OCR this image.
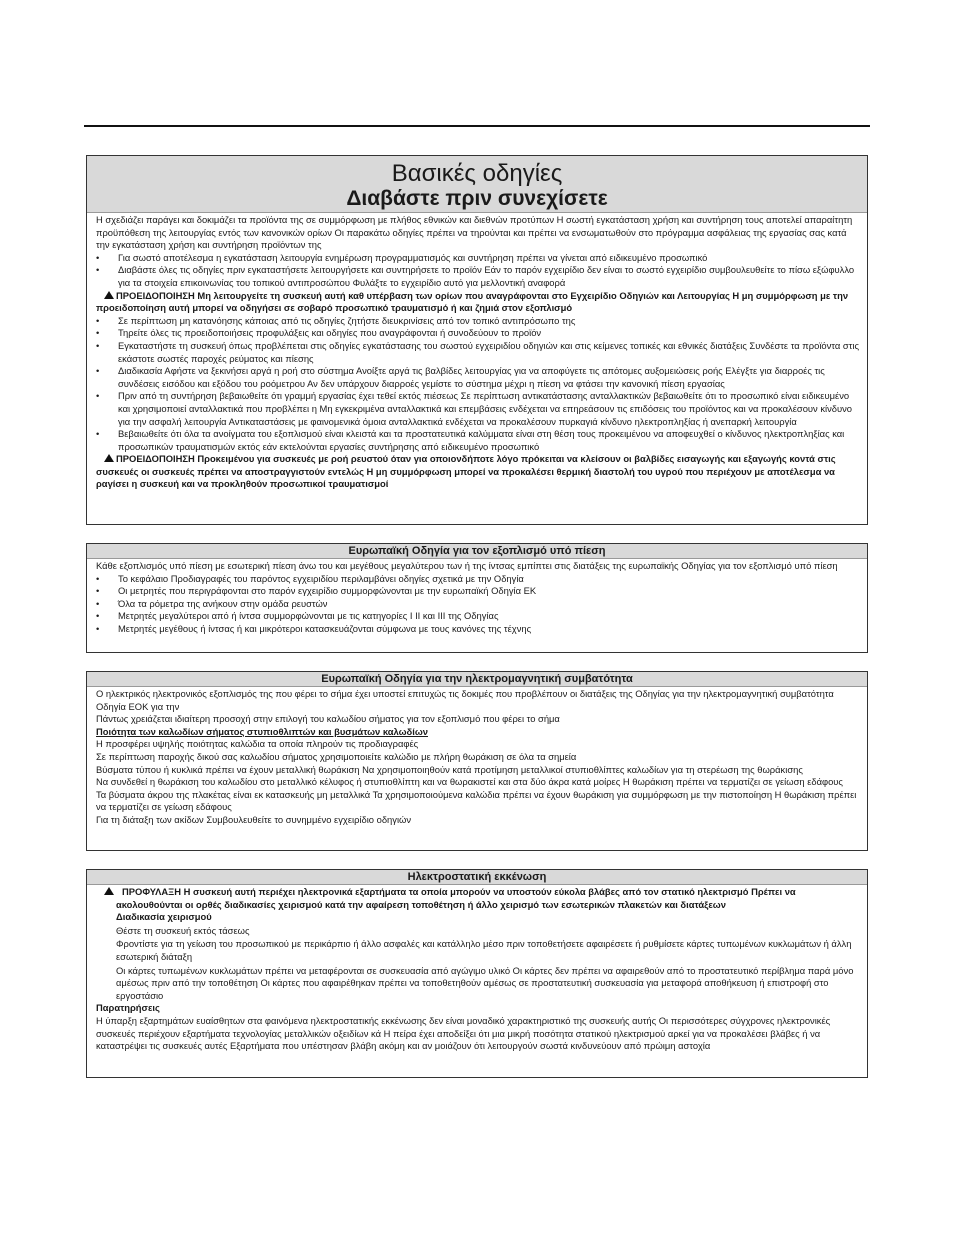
Βασικές οδηγίες
Διαβάστε πριν συνεχίσετε

Η σχεδιάζει παράγει και δοκιμάζει τα προϊόντα της σε συμμόρφωση με πλήθος εθνικών και διεθνών προτύπων Η σωστή εγκατάσταση χρήση και συντήρηση τους αποτελεί απαραίτητη προϋπόθεση της λειτουργίας εντός των κανονικών ορίων Οι παρακάτω οδηγίες πρέπει να τηρούνται και πρέπει να ενσωματωθούν στο πρόγραμμα ασφάλειας της εργασίας σας κατά την εγκατάσταση χρήση και συντήρηση προϊόντων της

• Για σωστό αποτέλεσμα η εγκατάσταση λειτουργία ενημέρωση προγραμματισμός και συντήρηση πρέπει να γίνεται από ειδικευμένο προσωπικό
• Διαβάστε όλες τις οδηγίες πριν εγκαταστήσετε λειτουργήσετε και συντηρήσετε το προϊόν Εάν το παρόν εγχειρίδιο δεν είναι το σωστό εγχειρίδιο συμβουλευθείτε το πίσω εξώφυλλο για τα στοιχεία επικοινωνίας του τοπικού αντιπροσώπου Φυλάξτε το εγχειρίδιο αυτό για μελλοντική αναφορά

ΠΡΟΕΙΔΟΠΟΙΗΣΗ Μη λειτουργείτε τη συσκευή αυτή καθ υπέρβαση των ορίων που αναγράφονται στο Εγχειρίδιο Οδηγιών και Λειτουργίας Η μη συμμόρφωση με την προειδοποίηση αυτή μπορεί να οδηγήσει σε σοβαρό προσωπικό τραυματισμό ή και ζημιά στον εξοπλισμό

• Σε περίπτωση μη κατανόησης κάποιας από τις οδηγίες ζητήστε διευκρινίσεις από τον τοπικό αντιπρόσωπο της
• Τηρείτε όλες τις προειδοποιήσεις προφυλάξεις και οδηγίες που αναγράφονται ή συνοδεύουν το προϊόν
• Εγκαταστήστε τη συσκευή όπως προβλέπεται στις οδηγίες εγκατάστασης του σωστού εγχειριδίου οδηγιών και στις κείμενες τοπικές και εθνικές διατάξεις Συνδέστε τα προϊόντα στις εκάστοτε σωστές παροχές ρεύματος και πίεσης
• Διαδικασία Αφήστε να ξεκινήσει αργά η ροή στο σύστημα Ανοίξτε αργά τις βαλβίδες λειτουργίας για να αποφύγετε τις απότομες αυξομειώσεις ροής Ελέγξτε για διαρροές τις συνδέσεις εισόδου και εξόδου του ροόμετρου Αν δεν υπάρχουν διαρροές γεμίστε το σύστημα μέχρι η πίεση να φτάσει την κανονική πίεση εργασίας
• Πριν από τη συντήρηση βεβαιωθείτε ότι γραμμή εργασίας έχει τεθεί εκτός πιέσεως Σε περίπτωση αντικατάστασης ανταλλακτικών βεβαιωθείτε ότι το προσωπικό είναι ειδικευμένο και χρησιμοποιεί ανταλλακτικά που προβλέπει η Μη εγκεκριμένα ανταλλακτικά και επεμβάσεις ενδέχεται να επηρεάσουν τις επιδόσεις του προϊόντος και να προκαλέσουν κίνδυνο για την ασφαλή λειτουργία Αντικαταστάσεις με φαινομενικά όμοια ανταλλακτικά ενδέχεται να προκαλέσουν πυρκαγιά κίνδυνο ηλεκτροπληξίας ή ανεπαρκή λειτουργία
• Βεβαιωθείτε ότι όλα τα ανοίγματα του εξοπλισμού είναι κλειστά και τα προστατευτικά καλύμματα είναι στη θέση τους προκειμένου να αποφευχθεί ο κίνδυνος ηλεκτροπληξίας και προσωπικών τραυματισμών εκτός εάν εκτελούνται εργασίες συντήρησης από ειδικευμένο προσωπικό

ΠΡΟΕΙΔΟΠΟΙΗΣΗ Προκειμένου για συσκευές με ροή ρευστού όταν για οποιονδήποτε λόγο πρόκειται να κλείσουν οι βαλβίδες εισαγωγής και εξαγωγής κοντά στις συσκευές οι συσκευές πρέπει να αποστραγγιστούν εντελώς Η μη συμμόρφωση μπορεί να προκαλέσει θερμική διαστολή του υγρού που περιέχουν με αποτέλεσμα να ραγίσει η συσκευή και να προκληθούν προσωπικοί τραυματισμοί

Ευρωπαϊκή Οδηγία για τον εξοπλισμό υπό πίεση

Κάθε εξοπλισμός υπό πίεση με εσωτερική πίεση άνω του και μεγέθους μεγαλύτερου των ή της ίντσας εμπίπτει στις διατάξεις της ευρωπαϊκής Οδηγίας για τον εξοπλισμό υπό πίεση

• Το κεφάλαιο Προδιαγραφές του παρόντος εγχειριδίου περιλαμβάνει οδηγίες σχετικά με την Οδηγία
• Οι μετρητές που περιγράφονται στο παρόν εγχειρίδιο συμμορφώνονται με την ευρωπαϊκή Οδηγία ΕΚ
• Όλα τα ρόμετρα της ανήκουν στην ομάδα ρευστών
• Μετρητές μεγαλύτεροι από ή ίντσα συμμορφώνονται με τις κατηγορίες I II και III της Οδηγίας
• Μετρητές μεγέθους ή ίντσας ή και μικρότεροι κατασκευάζονται σύμφωνα με τους κανόνες της τέχνης
Ευρωπαϊκή Οδηγία για την ηλεκτρομαγνητική συμβατότητα

Ο ηλεκτρικός ηλεκτρονικός εξοπλισμός της που φέρει το σήμα έχει υποστεί επιτυχώς τις δοκιμές που προβλέπουν οι διατάξεις της Οδηγίας για την ηλεκτρομαγνητική συμβατότητα Οδηγία ΕΟΚ για την

Πάντως χρειάζεται ιδιαίτερη προσοχή στην επιλογή του καλωδίου σήματος για τον εξοπλισμό που φέρει το σήμα

Ποιότητα των καλωδίων σήματος στυπιοθλιπτών και βυσμάτων καλωδίων

Η προσφέρει υψηλής ποιότητας καλώδια τα οποία πληρούν τις προδιαγραφές

Σε περίπτωση παροχής δικού σας καλωδίου σήματος χρησιμοποιείτε καλώδιο με πλήρη θωράκιση σε όλα τα σημεία

Βύσματα τύπου ή κυκλικά πρέπει να έχουν μεταλλική θωράκιση Να χρησιμοποιηθούν κατά προτίμηση μεταλλικοί στυπιοθλίπτες καλωδίων για τη στερέωση της θωράκισης

Να συνδεθεί η θωράκιση του καλωδίου στο μεταλλικό κέλυφος ή στυπιοθλίπτη και να θωρακιστεί και στα δύο άκρα κατά μοίρες Η θωράκιση πρέπει να τερματίζει σε γείωση εδάφους

Τα βύσματα άκρου της πλακέτας είναι εκ κατασκευής μη μεταλλικά Τα χρησιμοποιούμενα καλώδια πρέπει να έχουν θωράκιση για συμμόρφωση με την πιστοποίηση Η θωράκιση πρέπει να τερματίζει σε γείωση εδάφους

Για τη διάταξη των ακίδων Συμβουλευθείτε το συνημμένο εγχειρίδιο οδηγιών

Ηλεκτροστατική εκκένωση

ΠΡΟΦΥΛΑΞΗ Η συσκευή αυτή περιέχει ηλεκτρονικά εξαρτήματα τα οποία μπορούν να υποστούν εύκολα βλάβες από τον στατικό ηλεκτρισμό Πρέπει να ακολουθούνται οι ορθές διαδικασίες χειρισμού κατά την αφαίρεση τοποθέτηση ή άλλο χειρισμό των εσωτερικών πλακετών και διατάξεων

Διαδικασία χειρισμού

Θέστε τη συσκευή εκτός τάσεως

Φροντίστε για τη γείωση του προσωπικού με περικάρπιο ή άλλο ασφαλές και κατάλληλο μέσο πριν τοποθετήσετε αφαιρέσετε ή ρυθμίσετε κάρτες τυπωμένων κυκλωμάτων ή άλλη εσωτερική διάταξη

Οι κάρτες τυπωμένων κυκλωμάτων πρέπει να μεταφέρονται σε συσκευασία από αγώγιμο υλικό Οι κάρτες δεν πρέπει να αφαιρεθούν από το προστατευτικό περίβλημα παρά μόνο αμέσως πριν από την τοποθέτηση Οι κάρτες που αφαιρέθηκαν πρέπει να τοποθετηθούν αμέσως σε προστατευτική συσκευασία για μεταφορά αποθήκευση ή επιστροφή στο εργοστάσιο

Παρατηρήσεις

Η ύπαρξη εξαρτημάτων ευαίσθητων στα φαινόμενα ηλεκτροστατικής εκκένωσης δεν είναι μοναδικό χαρακτηριστικό της συσκευής αυτής Οι περισσότερες σύγχρονες ηλεκτρονικές συσκευές περιέχουν εξαρτήματα τεχνολογίας μεταλλικών οξειδίων κά Η πείρα έχει αποδείξει ότι μια μικρή ποσότητα στατικού ηλεκτρισμού αρκεί για να προκαλέσει βλάβες ή να καταστρέψει τις συσκευές αυτές Εξαρτήματα που υπέστησαν βλάβη ακόμη και αν μοιάζουν ότι λειτουργούν σωστά κινδυνεύουν από πρώιμη αστοχία
